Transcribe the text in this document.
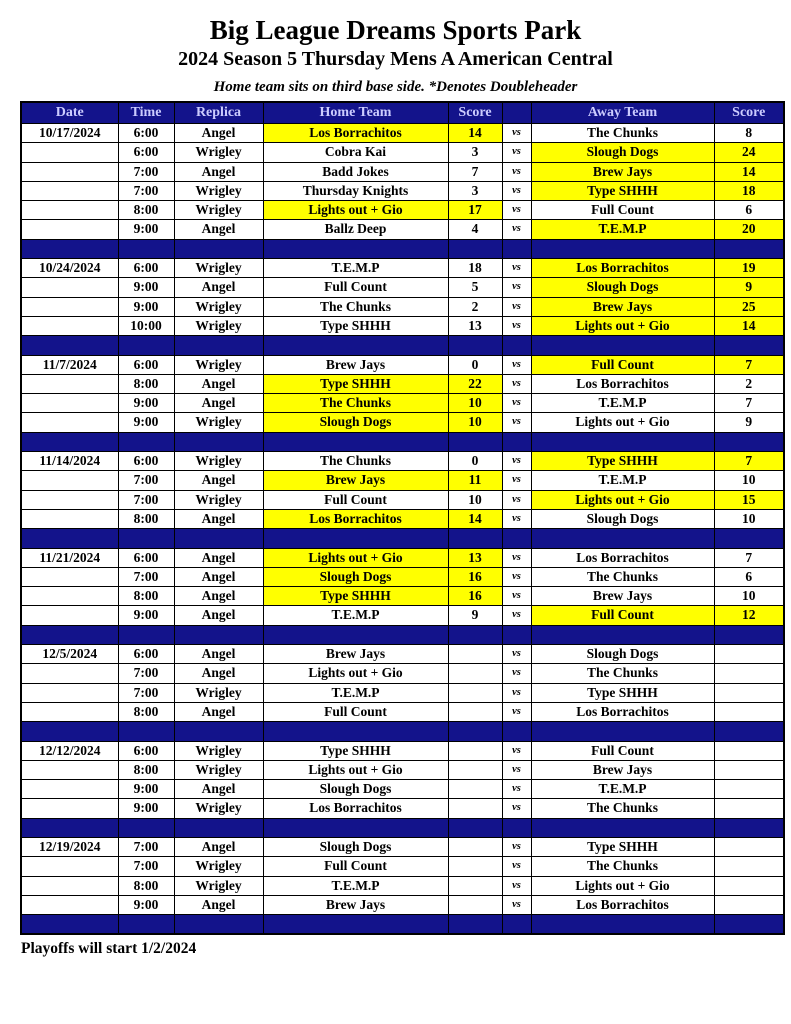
Big League Dreams Sports Park
2024 Season 5 Thursday Mens A American Central
Home team sits on third base side. *Denotes Doubleheader
Date	Time	Replica	Home Team	Score		Away Team	Score
10/17/2024	6:00	Angel	Los Borrachitos	14	vs	The Chunks	8
	6:00	Wrigley	Cobra Kai	3	vs	Slough Dogs	24
	7:00	Angel	Badd Jokes	7	vs	Brew Jays	14
	7:00	Wrigley	Thursday Knights	3	vs	Type SHHH	18
	8:00	Wrigley	Lights out + Gio	17	vs	Full Count	6
	9:00	Angel	Ballz Deep	4	vs	T.E.M.P	20

10/24/2024	6:00	Wrigley	T.E.M.P	18	vs	Los Borrachitos	19
	9:00	Angel	Full Count	5	vs	Slough Dogs	9
	9:00	Wrigley	The Chunks	2	vs	Brew Jays	25
	10:00	Wrigley	Type SHHH	13	vs	Lights out + Gio	14

11/7/2024	6:00	Wrigley	Brew Jays	0	vs	Full Count	7
	8:00	Angel	Type SHHH	22	vs	Los Borrachitos	2
	9:00	Angel	The Chunks	10	vs	T.E.M.P	7
	9:00	Wrigley	Slough Dogs	10	vs	Lights out + Gio	9

11/14/2024	6:00	Wrigley	The Chunks	0	vs	Type SHHH	7
	7:00	Angel	Brew Jays	11	vs	T.E.M.P	10
	7:00	Wrigley	Full Count	10	vs	Lights out + Gio	15
	8:00	Angel	Los Borrachitos	14	vs	Slough Dogs	10

11/21/2024	6:00	Angel	Lights out + Gio	13	vs	Los Borrachitos	7
	7:00	Angel	Slough Dogs	16	vs	The Chunks	6
	8:00	Angel	Type SHHH	16	vs	Brew Jays	10
	9:00	Angel	T.E.M.P	9	vs	Full Count	12

12/5/2024	6:00	Angel	Brew Jays		vs	Slough Dogs	
	7:00	Angel	Lights out + Gio		vs	The Chunks	
	7:00	Wrigley	T.E.M.P		vs	Type SHHH	
	8:00	Angel	Full Count		vs	Los Borrachitos	

12/12/2024	6:00	Wrigley	Type SHHH		vs	Full Count	
	8:00	Wrigley	Lights out + Gio		vs	Brew Jays	
	9:00	Angel	Slough Dogs		vs	T.E.M.P	
	9:00	Wrigley	Los Borrachitos		vs	The Chunks	

12/19/2024	7:00	Angel	Slough Dogs		vs	Type SHHH	
	7:00	Wrigley	Full Count		vs	The Chunks	
	8:00	Wrigley	T.E.M.P		vs	Lights out + Gio	
	9:00	Angel	Brew Jays		vs	Los Borrachitos	

Playoffs will start 1/2/2024
